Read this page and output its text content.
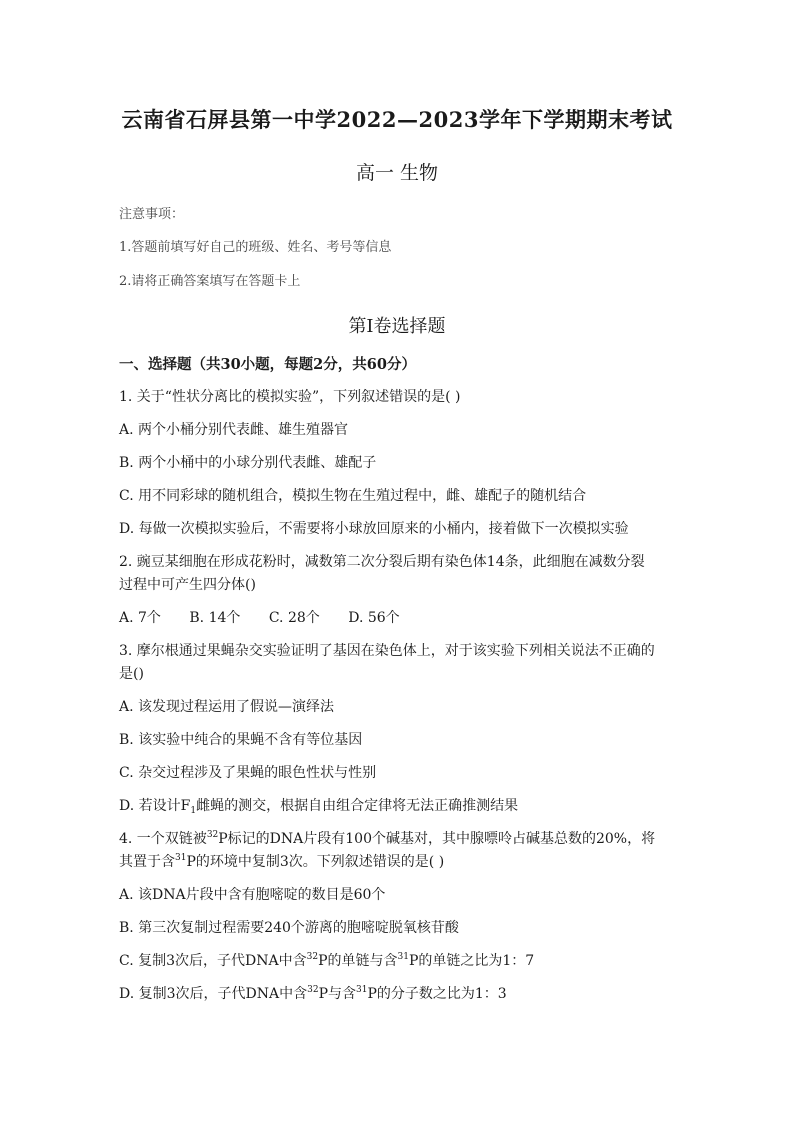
云南省石屏县第一中学2022—2023学年下学期期末考试
高一 生物
注意事项：
1.答题前填写好自己的班级、姓名、考号等信息
2.请将正确答案填写在答题卡上
第Ⅰ卷选择题
一、选择题（共30小题，每题2分，共60分）
1. 关于“性状分离比的模拟实验”，下列叙述错误的是( )
A. 两个小桶分别代表雌、雄生殖器官
B. 两个小桶中的小球分别代表雌、雄配子
C. 用不同彩球的随机组合，模拟生物在生殖过程中，雌、雄配子的随机结合
D. 每做一次模拟实验后，不需要将小球放回原来的小桶内，接着做下一次模拟实验
2. 豌豆某细胞在形成花粉时，减数第二次分裂后期有染色体14条，此细胞在减数分裂
过程中可产生四分体()
A. 7个 B. 14个 C. 28个 D. 56个
3. 摩尔根通过果蝇杂交实验证明了基因在染色体上，对于该实验下列相关说法不正确的
是()
A. 该发现过程运用了假说—演绎法
B. 该实验中纯合的果蝇不含有等位基因
C. 杂交过程涉及了果蝇的眼色性状与性别
D. 若设计$F_1$雌蝇的测交，根据自由组合定律将无法正确推测结果
4. 一个双链被$^{32}$P标记的DNA片段有100个碱基对，其中腺嘌呤占碱基总数的20%，将
其置于含$^{31}$P的环境中复制3次。下列叙述错误的是( )
A. 该DNA片段中含有胞嘧啶的数目是60个
B. 第三次复制过程需要240个游离的胞嘧啶脱氧核苷酸
C. 复制3次后，子代DNA中含$^{32}$P的单链与含$^{31}$P的单链之比为1：7
D. 复制3次后，子代DNA中含$^{32}$P与含$^{31}$P的分子数之比为1：3
